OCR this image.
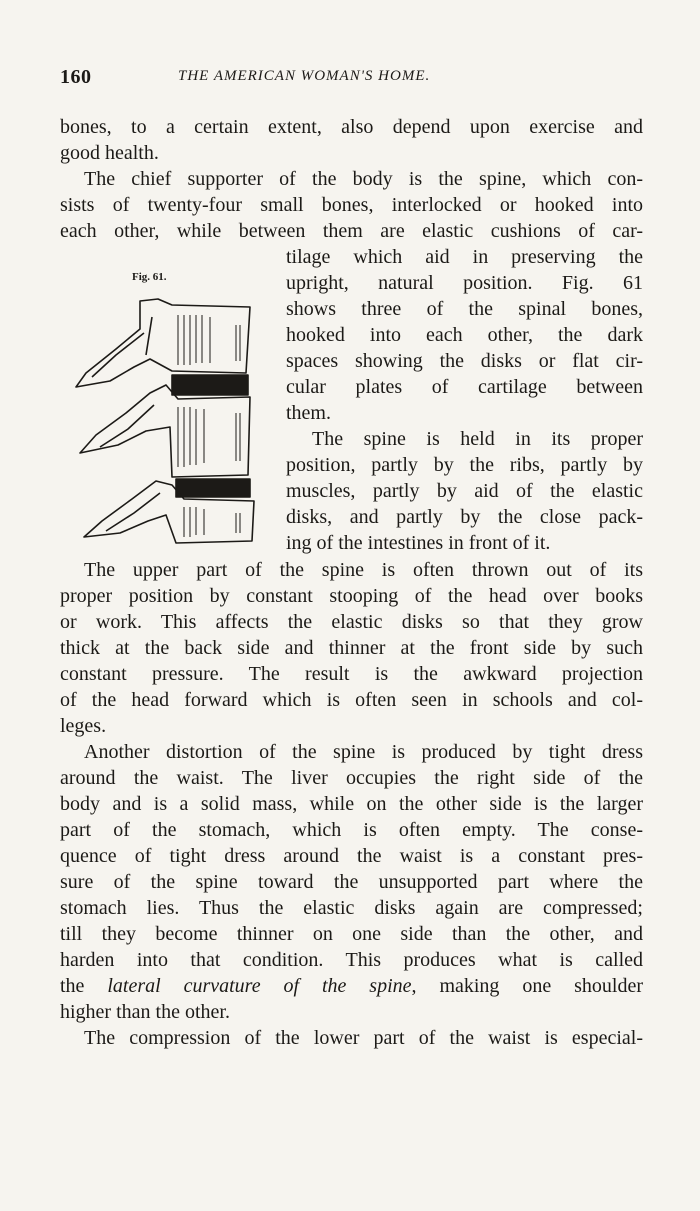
160	THE AMERICAN WOMAN'S HOME.
bones, to a certain extent, also depend upon exercise and
good health.
The chief supporter of the body is the spine, which con-
sists of twenty-four small bones, interlocked or hooked into
each other, while between them are elastic cushions of car-
Fig. 61.
tilage which aid in preserving the
upright, natural position. Fig. 61
shows three of the spinal bones,
hooked into each other, the dark
spaces showing the disks or flat cir-
cular plates of cartilage between
them.
The spine is held in its proper
position, partly by the ribs, partly by
muscles, partly by aid of the elastic
disks, and partly by the close pack-
ing of the intestines in front of it.
The upper part of the spine is often thrown out of its
proper position by constant stooping of the head over books
or work. This affects the elastic disks so that they grow
thick at the back side and thinner at the front side by such
constant pressure. The result is the awkward projection
of the head forward which is often seen in schools and col-
leges.
Another distortion of the spine is produced by tight dress
around the waist. The liver occupies the right side of the
body and is a solid mass, while on the other side is the larger
part of the stomach, which is often empty. The conse-
quence of tight dress around the waist is a constant pres-
sure of the spine toward the unsupported part where the
stomach lies. Thus the elastic disks again are compressed;
till they become thinner on one side than the other, and
harden into that condition. This produces what is called
the lateral curvature of the spine, making one shoulder
higher than the other.
The compression of the lower part of the waist is especial-
